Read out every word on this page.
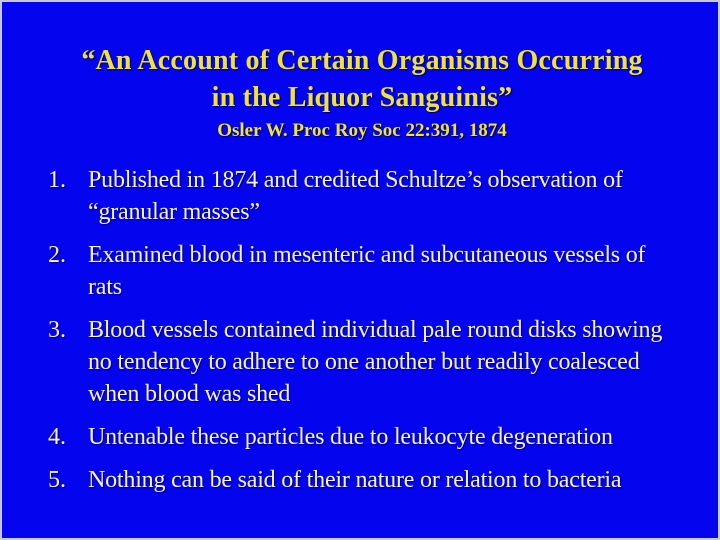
“An Account of Certain Organisms Occurring
in the Liquor Sanguinis”
Osler W. Proc Roy Soc 22:391, 1874
1. Published in 1874 and credited Schultze’s observation of “granular masses”
2. Examined blood in mesenteric and subcutaneous vessels of rats
3. Blood vessels contained individual pale round disks showing no tendency to adhere to one another but readily coalesced when blood was shed
4. Untenable these particles due to leukocyte degeneration
5. Nothing can be said of their nature or relation to bacteria
